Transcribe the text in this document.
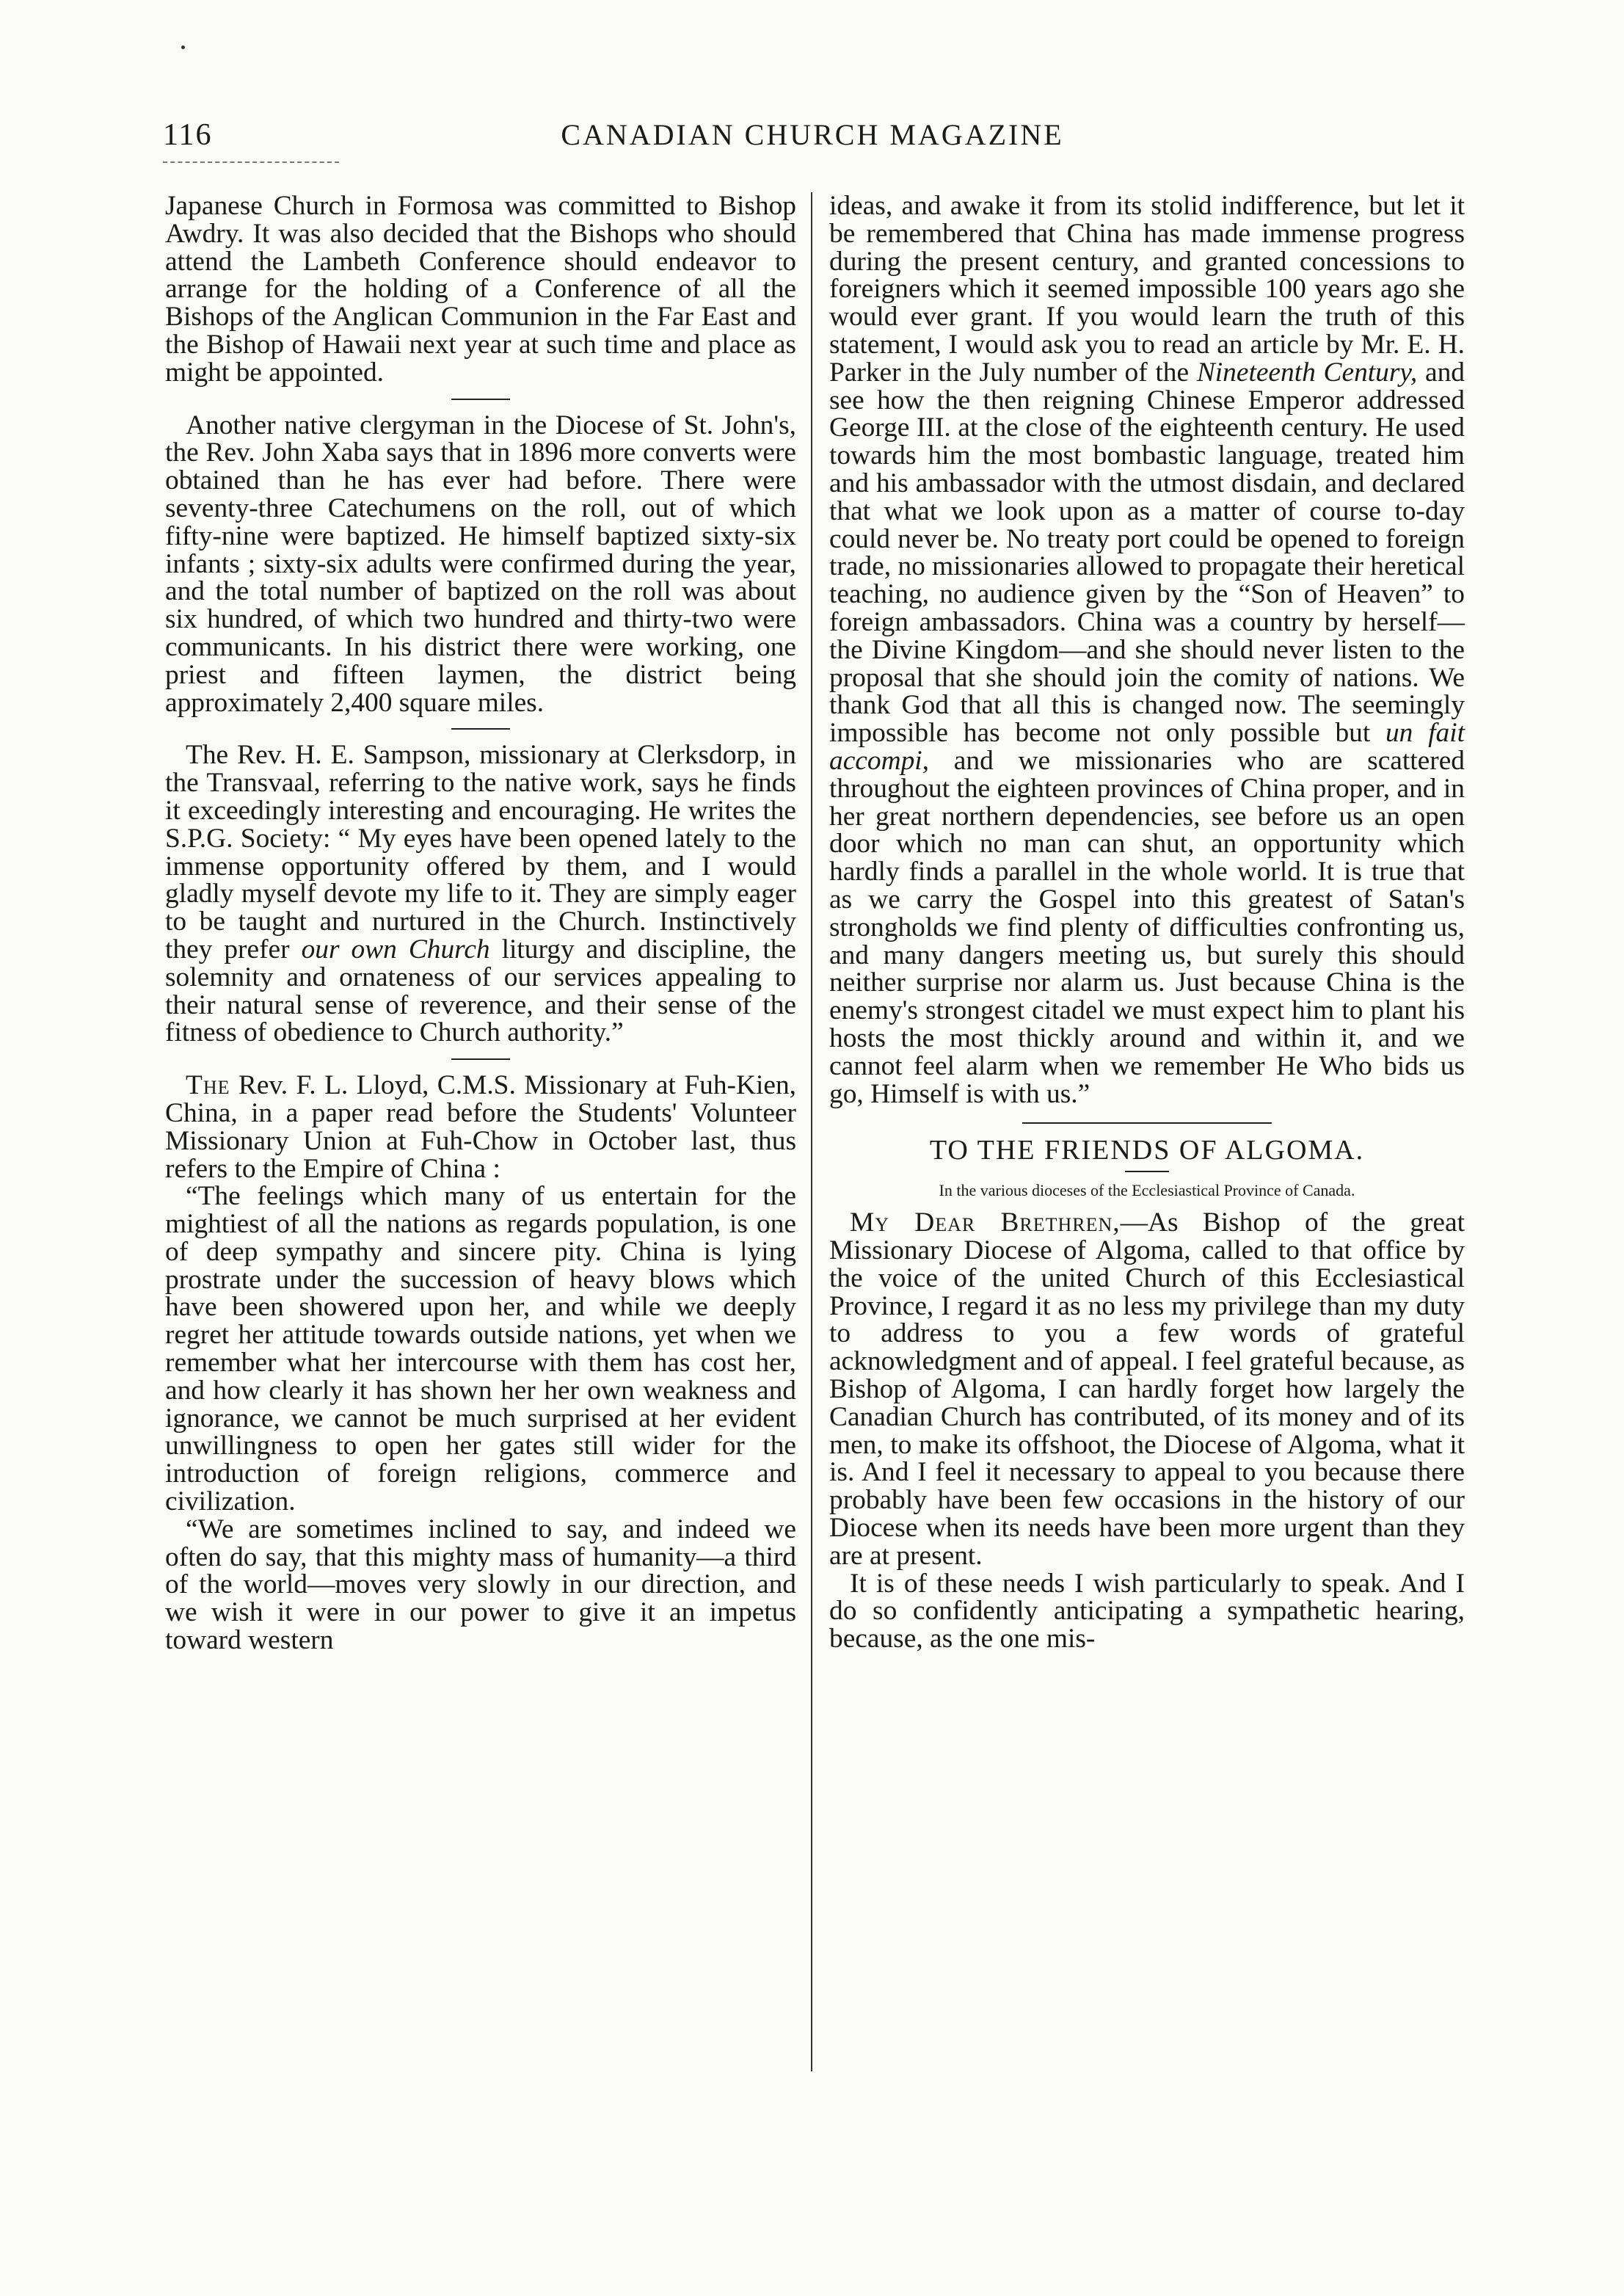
116	CANADIAN CHURCH MAGAZINE

Japanese Church in Formosa was committed to Bishop Awdry. It was also decided that the Bishops who should attend the Lambeth Conference should endeavor to arrange for the holding of a Conference of all the Bishops of the Anglican Communion in the Far East and the Bishop of Hawaii next year at such time and place as might be appointed.

Another native clergyman in the Diocese of St. John's, the Rev. John Xaba says that in 1896 more converts were obtained than he has ever had before. There were seventy-three Catechumens on the roll, out of which fifty-nine were baptized. He himself baptized sixty-six infants ; sixty-six adults were confirmed during the year, and the total number of baptized on the roll was about six hundred, of which two hundred and thirty-two were communicants. In his district there were working, one priest and fifteen laymen, the district being approximately 2,400 square miles.

The Rev. H. E. Sampson, missionary at Clerksdorp, in the Transvaal, referring to the native work, says he finds it exceedingly interesting and encouraging. He writes the S.P.G. Society: “ My eyes have been opened lately to the immense opportunity offered by them, and I would gladly myself devote my life to it. They are simply eager to be taught and nurtured in the Church. Instinctively they prefer our own Church liturgy and discipline, the solemnity and ornateness of our services appealing to their natural sense of reverence, and their sense of the fitness of obedience to Church authority.”

The Rev. F. L. Lloyd, C.M.S. Missionary at Fuh-Kien, China, in a paper read before the Students' Volunteer Missionary Union at Fuh-Chow in October last, thus refers to the Empire of China :

“The feelings which many of us entertain for the mightiest of all the nations as regards population, is one of deep sympathy and sincere pity. China is lying prostrate under the succession of heavy blows which have been showered upon her, and while we deeply regret her attitude towards outside nations, yet when we remember what her intercourse with them has cost her, and how clearly it has shown her her own weakness and ignorance, we cannot be much surprised at her evident unwillingness to open her gates still wider for the introduction of foreign religions, commerce and civilization.

“We are sometimes inclined to say, and indeed we often do say, that this mighty mass of humanity—a third of the world—moves very slowly in our direction, and we wish it were in our power to give it an impetus toward western

ideas, and awake it from its stolid indifference, but let it be remembered that China has made immense progress during the present century, and granted concessions to foreigners which it seemed impossible 100 years ago she would ever grant. If you would learn the truth of this statement, I would ask you to read an article by Mr. E. H. Parker in the July number of the Nineteenth Century, and see how the then reigning Chinese Emperor addressed George III. at the close of the eighteenth century. He used towards him the most bombastic language, treated him and his ambassador with the utmost disdain, and declared that what we look upon as a matter of course to-day could never be. No treaty port could be opened to foreign trade, no missionaries allowed to propagate their heretical teaching, no audience given by the “Son of Heaven” to foreign ambassadors. China was a country by herself—the Divine Kingdom—and she should never listen to the proposal that she should join the comity of nations. We thank God that all this is changed now. The seemingly impossible has become not only possible but un fait accompi, and we missionaries who are scattered throughout the eighteen provinces of China proper, and in her great northern dependencies, see before us an open door which no man can shut, an opportunity which hardly finds a parallel in the whole world. It is true that as we carry the Gospel into this greatest of Satan's strongholds we find plenty of difficulties confronting us, and many dangers meeting us, but surely this should neither surprise nor alarm us. Just because China is the enemy's strongest citadel we must expect him to plant his hosts the most thickly around and within it, and we cannot feel alarm when we remember He Who bids us go, Himself is with us.”

TO THE FRIENDS OF ALGOMA.
In the various dioceses of the Ecclesiastical Province of Canada.

My Dear Brethren,—As Bishop of the great Missionary Diocese of Algoma, called to that office by the voice of the united Church of this Ecclesiastical Province, I regard it as no less my privilege than my duty to address to you a few words of grateful acknowledgment and of appeal. I feel grateful because, as Bishop of Algoma, I can hardly forget how largely the Canadian Church has contributed, of its money and of its men, to make its offshoot, the Diocese of Algoma, what it is. And I feel it necessary to appeal to you because there probably have been few occasions in the history of our Diocese when its needs have been more urgent than they are at present.

It is of these needs I wish particularly to speak. And I do so confidently anticipating a sympathetic hearing, because, as the one mis-
